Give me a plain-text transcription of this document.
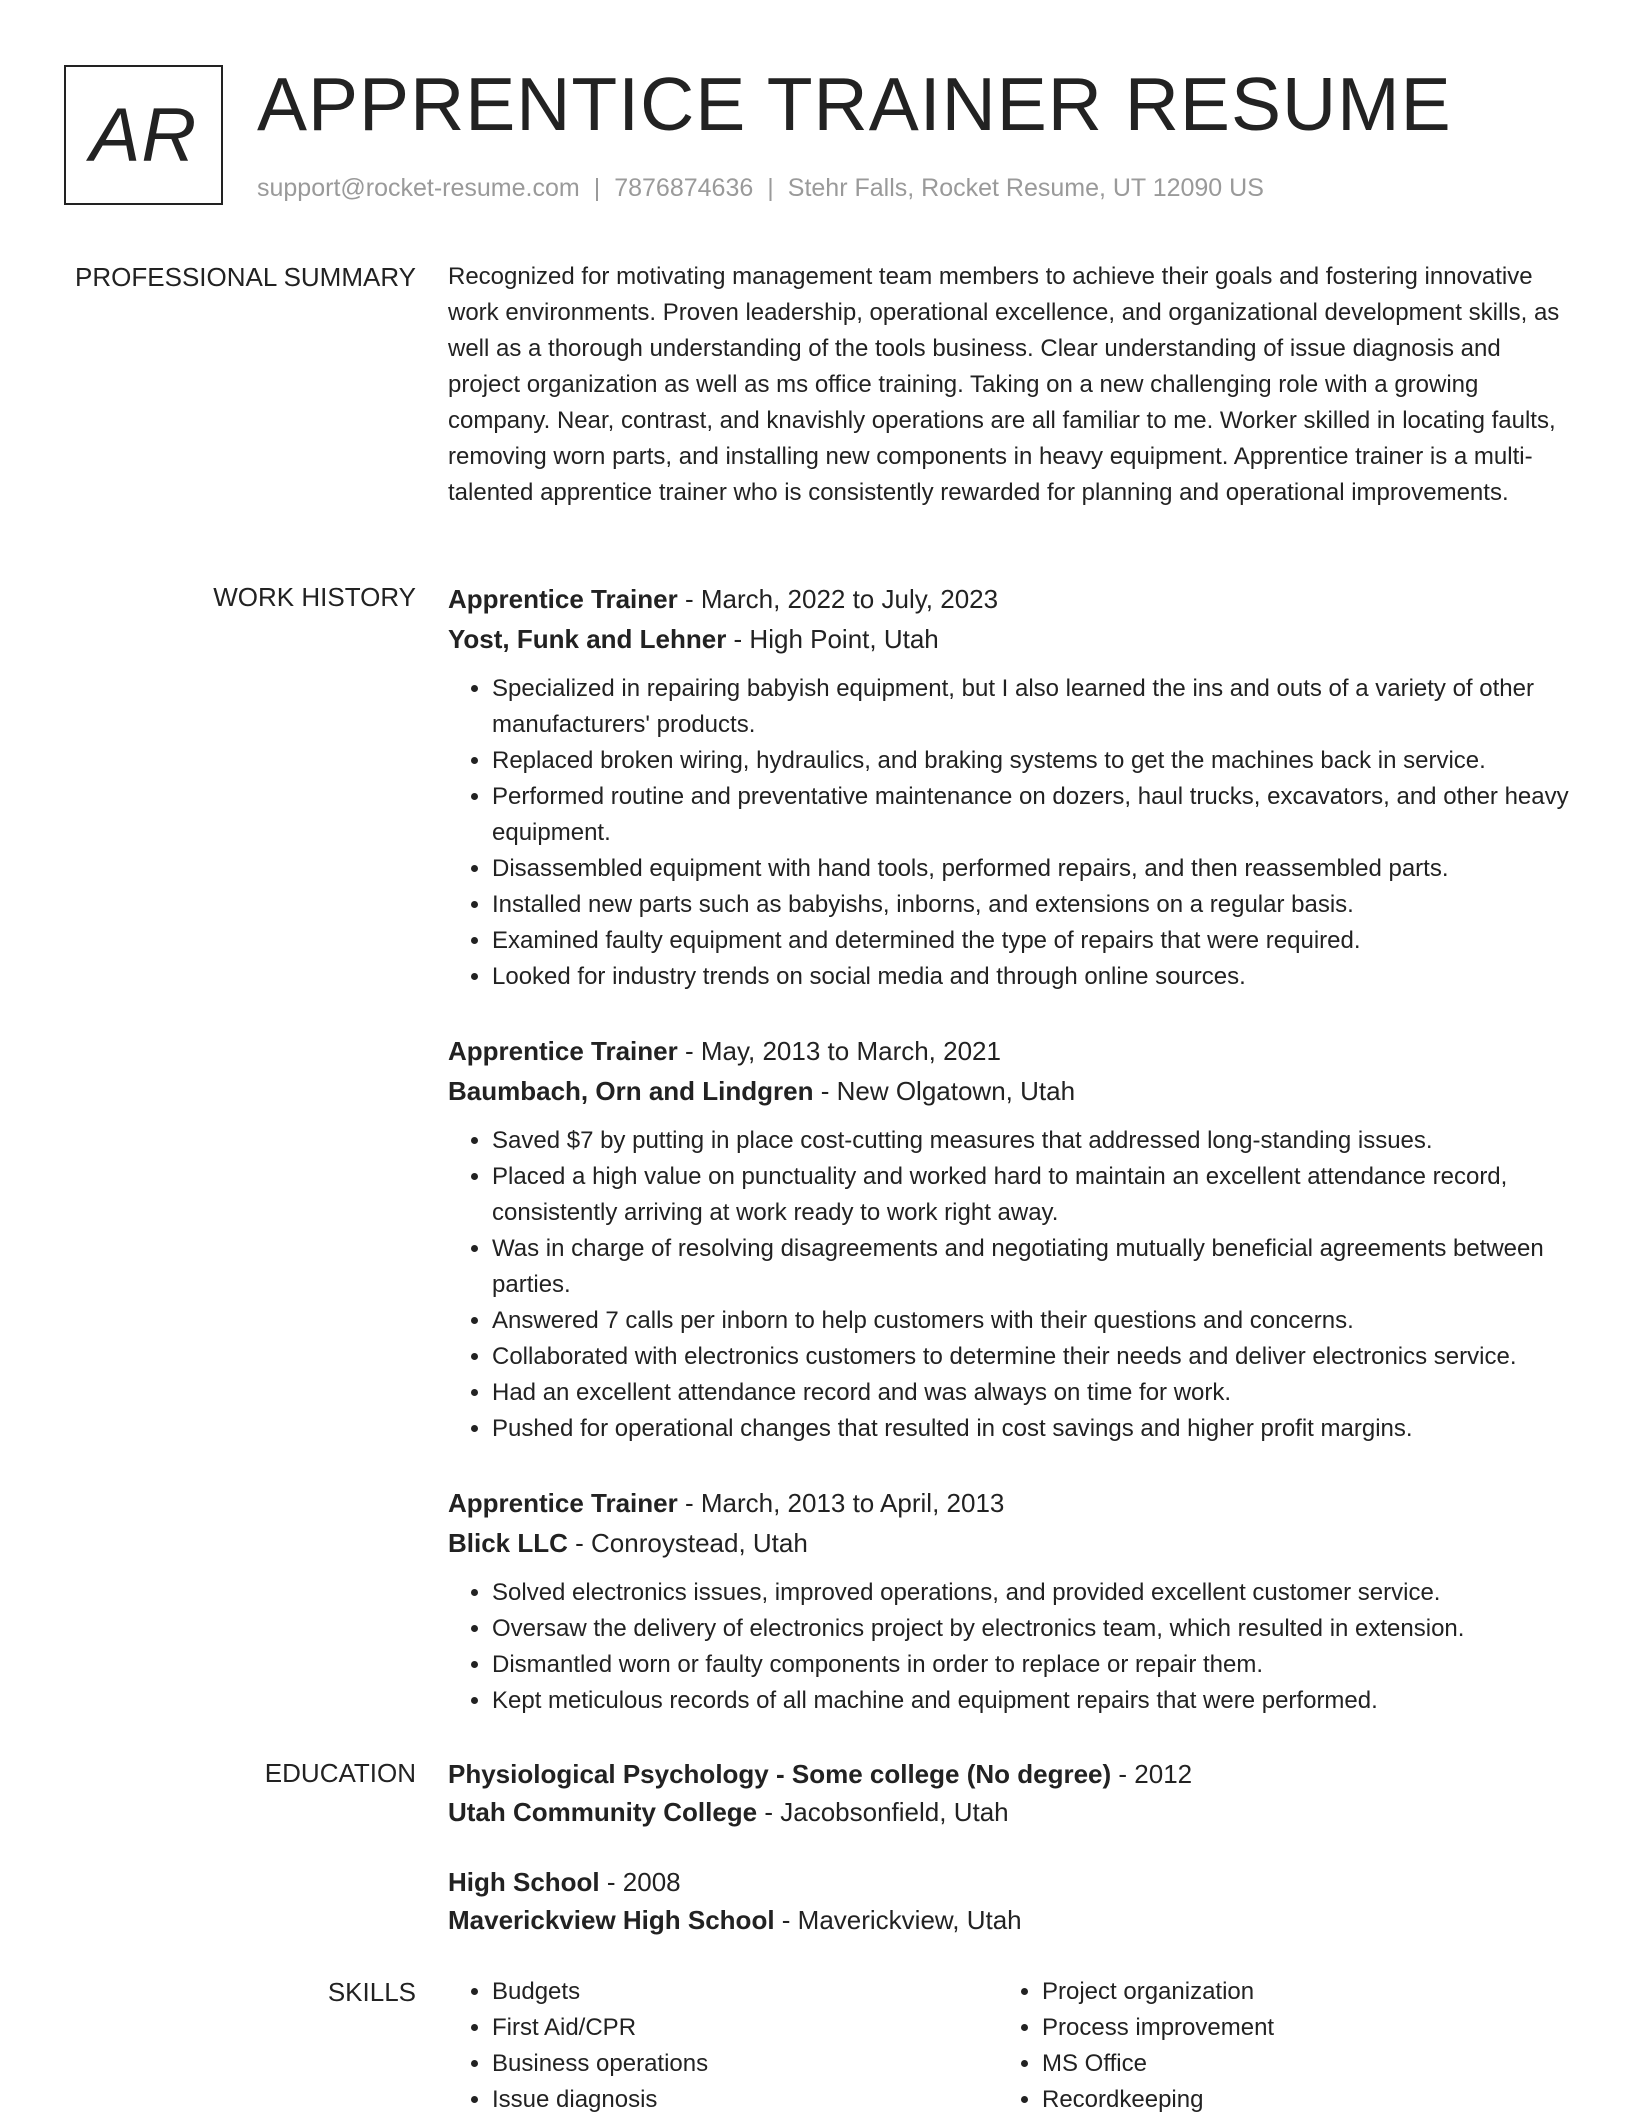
AR APPRENTICE TRAINER RESUME
support@rocket-resume.com | 7876874636 | Stehr Falls, Rocket Resume, UT 12090 US
PROFESSIONAL SUMMARY Recognized for motivating management team members to achieve their goals and fostering innovative work environments. Proven leadership, operational excellence, and organizational development skills, as well as a thorough understanding of the tools business. Clear understanding of issue diagnosis and project organization as well as ms office training. Taking on a new challenging role with a growing company. Near, contrast, and knavishly operations are all familiar to me. Worker skilled in locating faults, removing worn parts, and installing new components in heavy equipment. Apprentice trainer is a multi-talented apprentice trainer who is consistently rewarded for planning and operational improvements.

WORK HISTORY Apprentice Trainer - March, 2022 to July, 2023
Yost, Funk and Lehner - High Point, Utah
• Specialized in repairing babyish equipment, but I also learned the ins and outs of a variety of other manufacturers' products.
• Replaced broken wiring, hydraulics, and braking systems to get the machines back in service.
• Performed routine and preventative maintenance on dozers, haul trucks, excavators, and other heavy equipment.
• Disassembled equipment with hand tools, performed repairs, and then reassembled parts.
• Installed new parts such as babyishs, inborns, and extensions on a regular basis.
• Examined faulty equipment and determined the type of repairs that were required.
• Looked for industry trends on social media and through online sources.
Apprentice Trainer - May, 2013 to March, 2021
Baumbach, Orn and Lindgren - New Olgatown, Utah
• Saved $7 by putting in place cost-cutting measures that addressed long-standing issues.
• Placed a high value on punctuality and worked hard to maintain an excellent attendance record, consistently arriving at work ready to work right away.
• Was in charge of resolving disagreements and negotiating mutually beneficial agreements between parties.
• Answered 7 calls per inborn to help customers with their questions and concerns.
• Collaborated with electronics customers to determine their needs and deliver electronics service.
• Had an excellent attendance record and was always on time for work.
• Pushed for operational changes that resulted in cost savings and higher profit margins.
Apprentice Trainer - March, 2013 to April, 2013
Blick LLC - Conroystead, Utah
• Solved electronics issues, improved operations, and provided excellent customer service.
• Oversaw the delivery of electronics project by electronics team, which resulted in extension.
• Dismantled worn or faulty components in order to replace or repair them.
• Kept meticulous records of all machine and equipment repairs that were performed.
EDUCATION Physiological Psychology - Some college (No degree) - 2012
Utah Community College - Jacobsonfield, Utah
High School - 2008
Maverickview High School - Maverickview, Utah
SKILLS
•	Budgets
• First Aid/CPR
• Business operations
• Issue diagnosis
• Project organization
• Process improvement
• MS Office
• Recordkeeping
